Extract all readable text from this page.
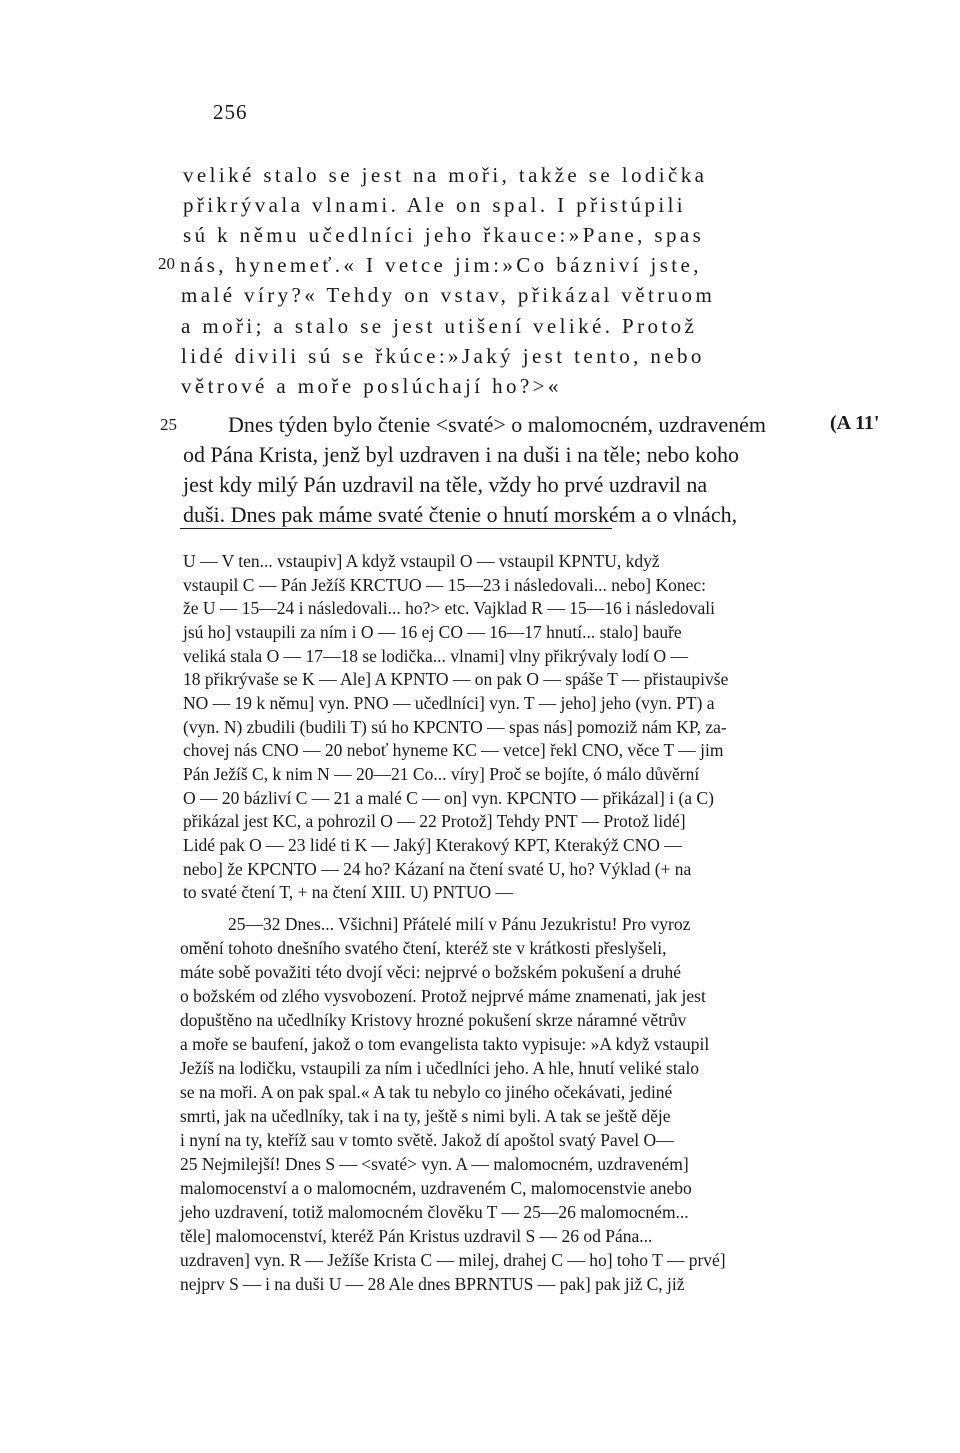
256
veliké stalo se jest na moři, takže se lodička
přikrývala vlnami. Ale on spal. I přistúpili
sú k němu učedlníci jeho řkauce:»Pane, spas
20 nás, hynemeť.« I vetce jim:»Co bázniví jste,
malé víry?« Tehdy on vstav, přikázal větruom
a moři; a stalo se jest utišení veliké. Protož
lidé divili sú se řkúce:»Jaký jest tento, nebo
větrové a moře poslúchají ho?>«
25 Dnes týden bylo čtenie <svaté> o malomocném, uzdraveném	(A 11'
od Pána Krista, jenž byl uzdraven i na duši i na těle; nebo koho
jest kdy milý Pán uzdravil na těle, vždy ho prvé uzdravil na
duši. Dnes pak máme svaté čtenie o hnutí morském a o vlnách,
U — V ten... vstaupiv] A když vstaupil O — vstaupil KPNTU, když
vstaupil C — Pán Ježíš KRCTUO — 15—23 i následovali... nebo] Konec:
že U — 15—24 i následovali... ho?> etc. Vajklad R — 15—16 i následovali
jsú ho] vstaupili za ním i O — 16 ej CO — 16—17 hnutí... stalo] bauře
veliká stala O — 17—18 se lodička... vlnami] vlny přikrývaly lodí O —
18 přikrývaše se K — Ale] A KPNTO — on pak O — spáše T — přistaupivše
NO — 19 k němu] vyn. PNO — učedlníci] vyn. T — jeho] jeho (vyn. PT) a
(vyn. N) zbudili (budili T) sú ho KPCNTO — spas nás] pomoziž nám KP, za-
chovej nás CNO — 20 neboť hyneme KC — vetce] řekl CNO, věce T — jim
Pán Ježíš C, k nim N — 20—21 Co... víry] Proč se bojíte, ó málo důvěrní
O — 20 bázliví C — 21 a malé C — on] vyn. KPCNTO — přikázal] i (a C)
přikázal jest KC, a pohrozil O — 22 Protož] Tehdy PNT — Protož lidé]
Lidé pak O — 23 lidé ti K — Jaký] Kterakový KPT, Kterakýž CNO —
nebo] že KPCNTO — 24 ho? Kázaní na čtení svaté U, ho? Výklad (+ na
to svaté čtení T, + na čtení XIII. U) PNTUO —
25—32 Dnes... Všichni] Přátelé milí v Pánu Jezukristu! Pro vyroz
omění tohoto dnešního svatého čtení, kteréž ste v krátkosti přeslyšeli,
máte sobě považiti této dvojí věci: nejprvé o božském pokušení a druhé
o božském od zlého vysvobození. Protož nejprvé máme znamenati, jak jest
dopuštěno na učedlníky Kristovy hrozné pokušení skrze náramné větrův
a moře se baufení, jakož o tom evangelista takto vypisuje: »A když vstaupil
Ježíš na lodičku, vstaupili za ním i učedlníci jeho. A hle, hnutí veliké stalo
se na moři. A on pak spal.« A tak tu nebylo co jiného očekávati, jediné
smrti, jak na učedlníky, tak i na ty, ještě s nimi byli. A tak se ještě děje
i nyní na ty, kteříž sau v tomto světě. Jakož dí apoštol svatý Pavel O—
25 Nejmilejší! Dnes S — <svaté> vyn. A — malomocném, uzdraveném]
malomocenství a o malomocném, uzdraveném C, malomocenstvie anebo
jeho uzdravení, totiž malomocném člověku T — 25—26 malomocném...
těle] malomocenství, kteréž Pán Kristus uzdravil S — 26 od Pána...
uzdraven] vyn. R — Ježíše Krista C — milej, drahej C — ho] toho T — prvé]
nejprv S — i na duši U — 28 Ale dnes BPRNTUS — pak] pak již C, již
